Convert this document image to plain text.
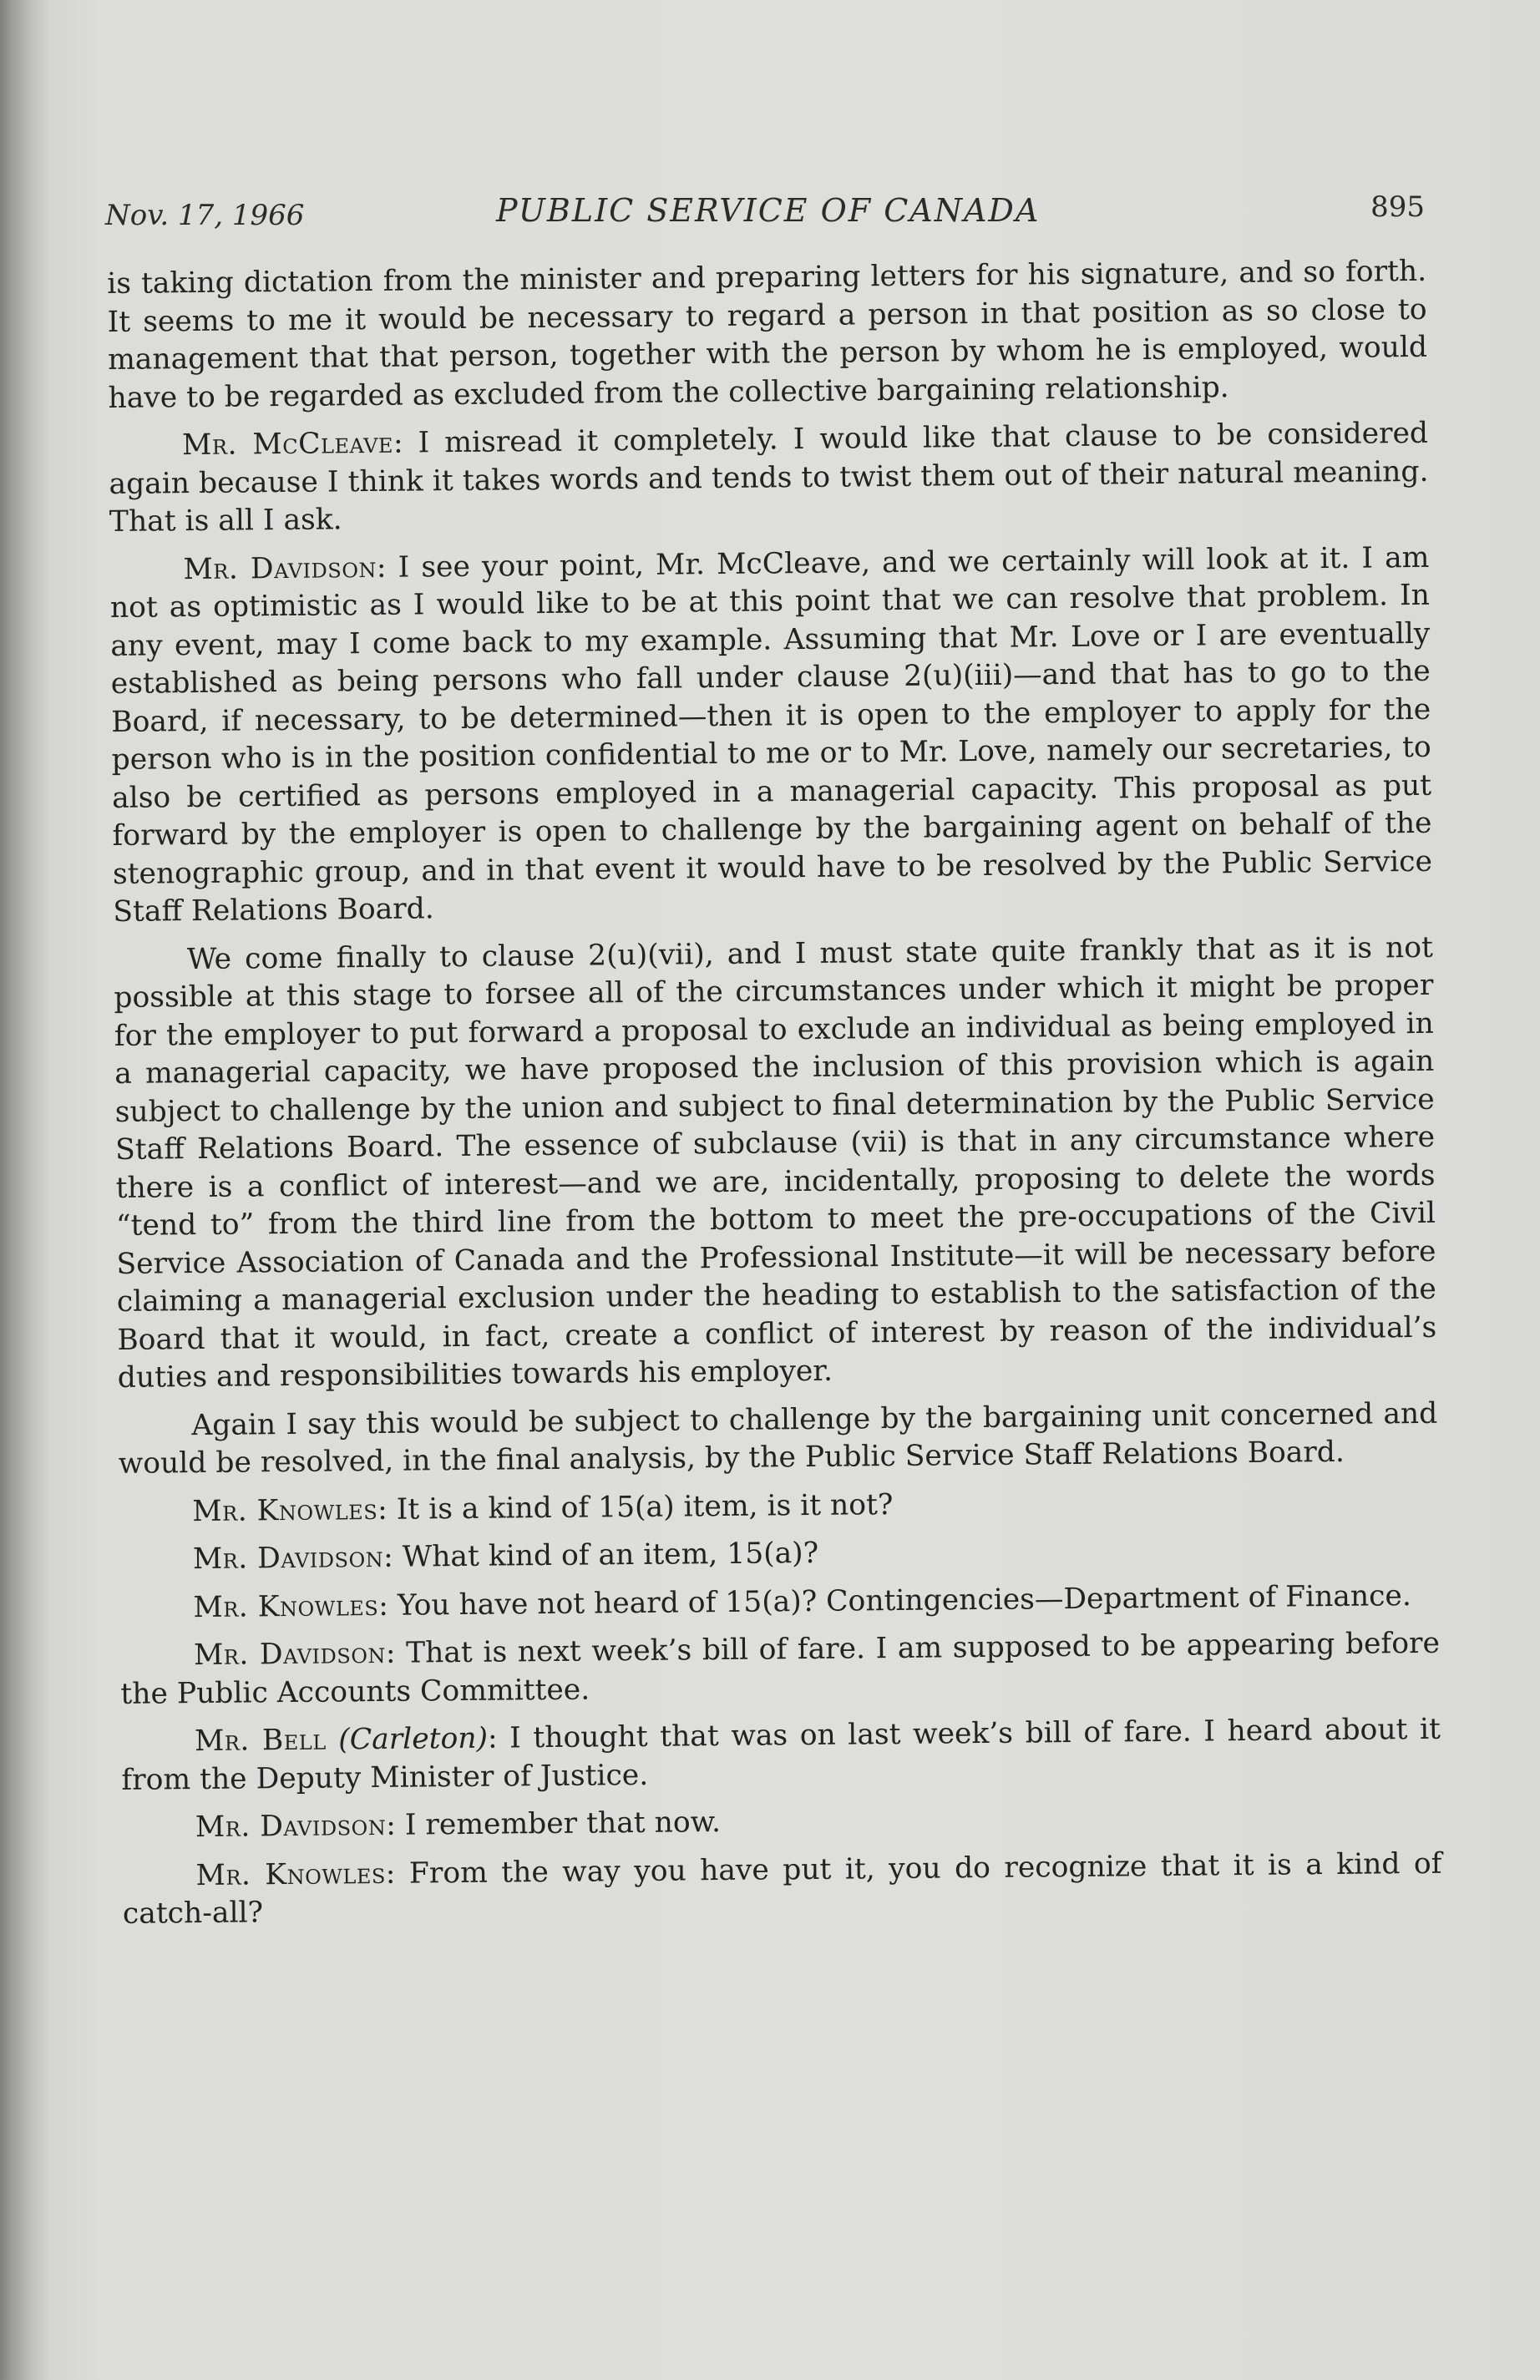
Nov. 17, 1966	PUBLIC SERVICE OF CANADA	895

is taking dictation from the minister and preparing letters for his signature, and so forth. It seems to me it would be necessary to regard a person in that position as so close to management that that person, together with the person by whom he is employed, would have to be regarded as excluded from the collective bargaining relationship.

Mr. McCleave: I misread it completely. I would like that clause to be considered again because I think it takes words and tends to twist them out of their natural meaning. That is all I ask.

Mr. Davidson: I see your point, Mr. McCleave, and we certainly will look at it. I am not as optimistic as I would like to be at this point that we can resolve that problem. In any event, may I come back to my example. Assuming that Mr. Love or I are eventually established as being persons who fall under clause 2(u)(iii)—and that has to go to the Board, if necessary, to be determined—then it is open to the employer to apply for the person who is in the position confidential to me or to Mr. Love, namely our secretaries, to also be certified as persons employed in a managerial capacity. This proposal as put forward by the employer is open to challenge by the bargaining agent on behalf of the stenographic group, and in that event it would have to be resolved by the Public Service Staff Relations Board.

We come finally to clause 2(u)(vii), and I must state quite frankly that as it is not possible at this stage to forsee all of the circumstances under which it might be proper for the employer to put forward a proposal to exclude an individual as being employed in a managerial capacity, we have proposed the inclusion of this provision which is again subject to challenge by the union and subject to final determination by the Public Service Staff Relations Board. The essence of subclause (vii) is that in any circumstance where there is a conflict of interest—and we are, incidentally, proposing to delete the words “tend to” from the third line from the bottom to meet the pre-occupations of the Civil Service Association of Canada and the Professional Institute—it will be necessary before claiming a managerial exclusion under the heading to establish to the satisfaction of the Board that it would, in fact, create a conflict of interest by reason of the individual’s duties and responsibilities towards his employer.

Again I say this would be subject to challenge by the bargaining unit concerned and would be resolved, in the final analysis, by the Public Service Staff Relations Board.

Mr. Knowles: It is a kind of 15(a) item, is it not?

Mr. Davidson: What kind of an item, 15(a)?

Mr. Knowles: You have not heard of 15(a)? Contingencies—Department of Finance.

Mr. Davidson: That is next week’s bill of fare. I am supposed to be appearing before the Public Accounts Committee.

Mr. Bell (Carleton): I thought that was on last week’s bill of fare. I heard about it from the Deputy Minister of Justice.

Mr. Davidson: I remember that now.

Mr. Knowles: From the way you have put it, you do recognize that it is a kind of catch-all?
